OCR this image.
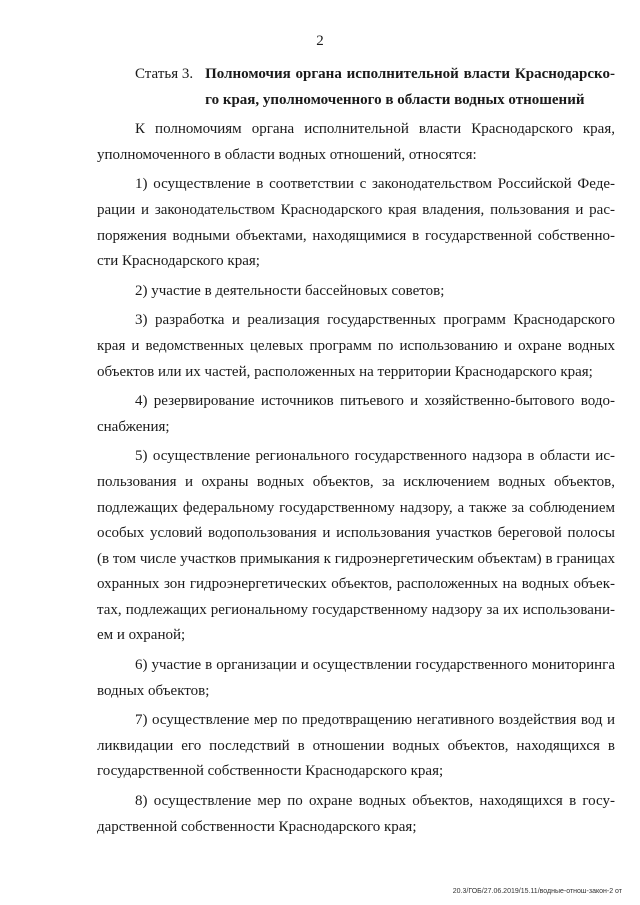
2
Статья 3. Полномочия органа исполнительной власти Краснодарского края, уполномоченного в области водных отношений

К полномочиям органа исполнительной власти Краснодарского края, уполномоченного в области водных отношений, относятся:

1) осуществление в соответствии с законодательством Российской Федерации и законодательством Краснодарского края владения, пользования и распоряжения водными объектами, находящимися в государственной собственности Краснодарского края;

2) участие в деятельности бассейновых советов;

3) разработка и реализация государственных программ Краснодарского края и ведомственных целевых программ по использованию и охране водных объектов или их частей, расположенных на территории Краснодарского края;

4) резервирование источников питьевого и хозяйственно-бытового водоснабжения;

5) осуществление регионального государственного надзора в области использования и охраны водных объектов, за исключением водных объектов, подлежащих федеральному государственному надзору, а также за соблюдением особых условий водопользования и использования участков береговой полосы (в том числе участков примыкания к гидроэнергетическим объектам) в границах охранных зон гидроэнергетических объектов, расположенных на водных объектах, подлежащих региональному государственному надзору за их использованием и охраной;

6) участие в организации и осуществлении государственного мониторинга водных объектов;

7) осуществление мер по предотвращению негативного воздействия вод и ликвидации его последствий в отношении водных объектов, находящихся в государственной собственности Краснодарского края;

8) осуществление мер по охране водных объектов, находящихся в государственной собственности Краснодарского края;

20.3/ГОБ/27.06.2019/15.11/водные-отнош-закон-2 от
